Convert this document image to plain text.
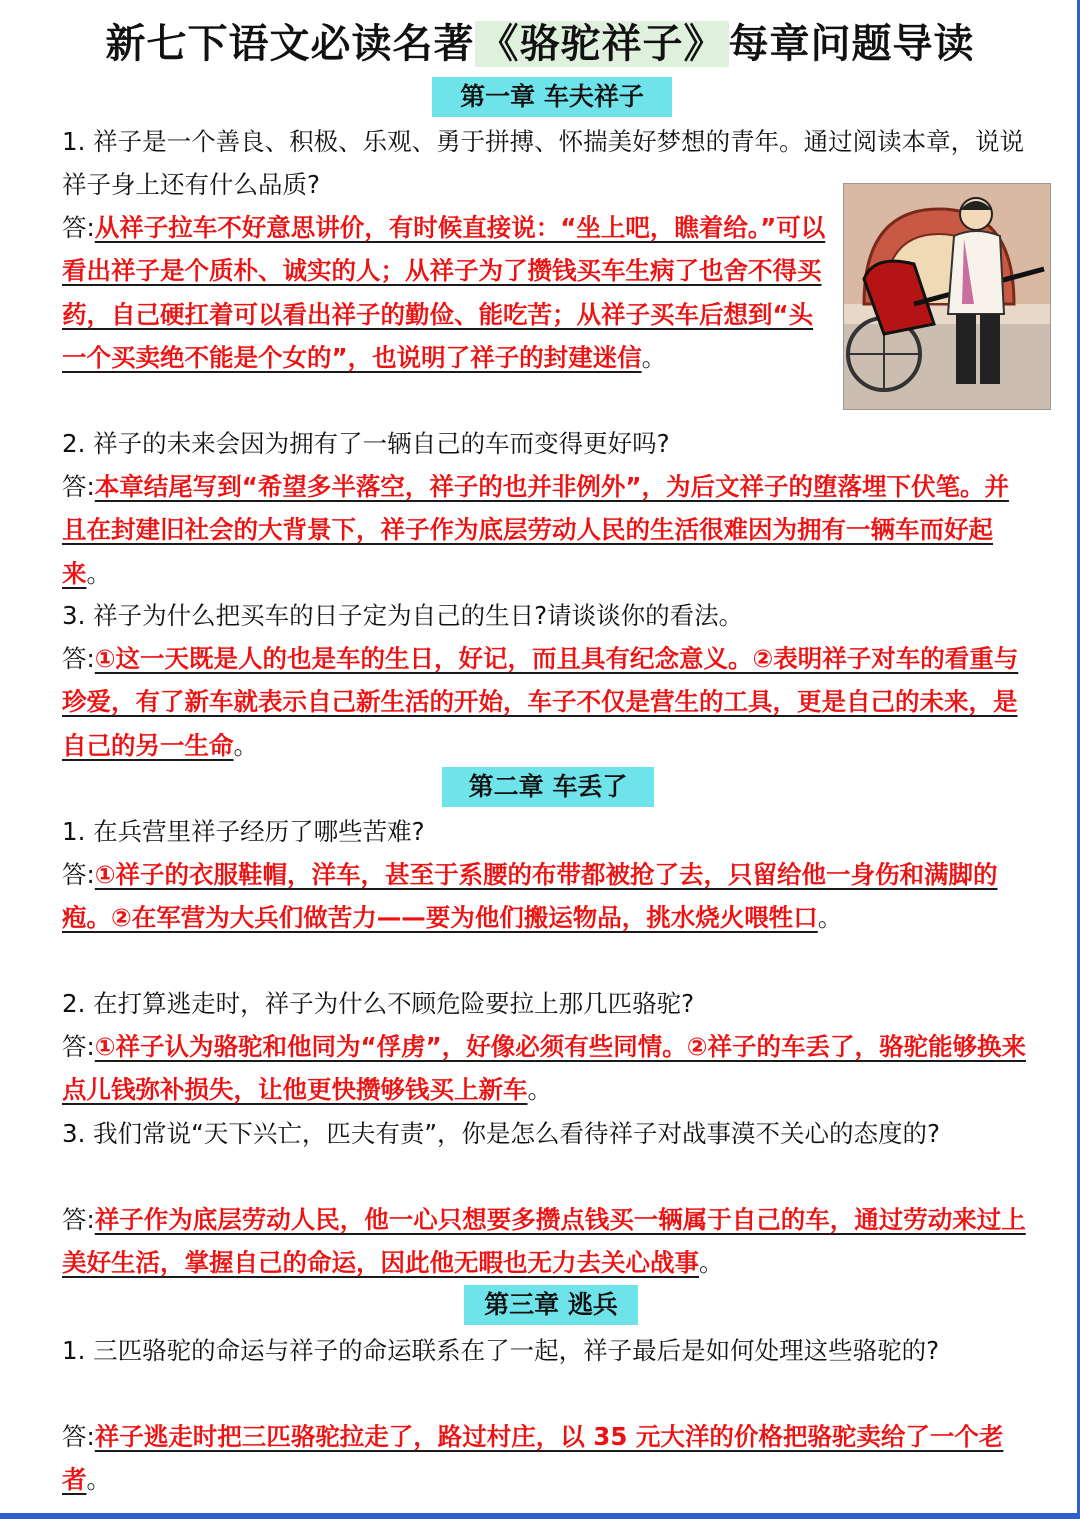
新七下语文必读名著 《骆驼祥子》 每章问题导读
第一章 车夫祥子
1. 祥子是一个善良、积极、乐观、勇于拼搏、怀揣美好梦想的青年。通过阅读本章，说说祥子身上还有什么品质?
答:从祥子拉车不好意思讲价，有时候直接说：“坐上吧，瞧着给。”可以看出祥子是个质朴、诚实的人；从祥子为了攒钱买车生病了也舍不得买药，自己硬扛着可以看出祥子的勤俭、能吃苦；从祥子买车后想到“头一个买卖绝不能是个女的”，也说明了祥子的封建迷信。
2. 祥子的未来会因为拥有了一辆自己的车而变得更好吗?
答:本章结尾写到“希望多半落空，祥子的也并非例外”，为后文祥子的堕落埋下伏笔。并且在封建旧社会的大背景下，祥子作为底层劳动人民的生活很难因为拥有一辆车而好起来。
3. 祥子为什么把买车的日子定为自己的生日?请谈谈你的看法。
答:①这一天既是人的也是车的生日，好记，而且具有纪念意义。②表明祥子对车的看重与珍爱，有了新车就表示自己新生活的开始，车子不仅是营生的工具，更是自己的未来，是自己的另一生命。
第二章 车丢了
1. 在兵营里祥子经历了哪些苦难?
答:①祥子的衣服鞋帽，洋车，甚至于系腰的布带都被抢了去，只留给他一身伤和满脚的疱。②在军营为大兵们做苦力——要为他们搬运物品，挑水烧火喂牲口。
2. 在打算逃走时，祥子为什么不顾危险要拉上那几匹骆驼?
答:①祥子认为骆驼和他同为“俘虏”，好像必须有些同情。②祥子的车丢了，骆驼能够换来点儿钱弥补损失，让他更快攒够钱买上新车。
3. 我们常说“天下兴亡，匹夫有责”，你是怎么看待祥子对战事漠不关心的态度的?
答:祥子作为底层劳动人民，他一心只想要多攒点钱买一辆属于自己的车，通过劳动来过上美好生活，掌握自己的命运，因此他无暇也无力去关心战事。
第三章 逃兵
1. 三匹骆驼的命运与祥子的命运联系在了一起，祥子最后是如何处理这些骆驼的?
答:祥子逃走时把三匹骆驼拉走了，路过村庄，以 35 元大洋的价格把骆驼卖给了一个老者。
